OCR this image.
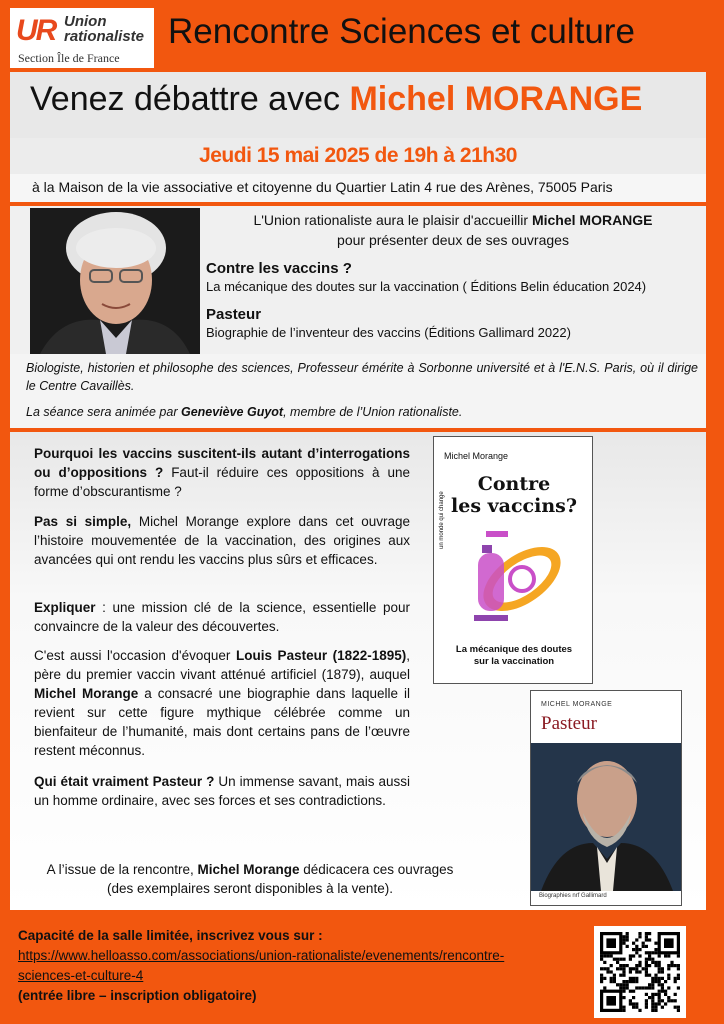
UR Union
rationaliste
Section Île de France
Rencontre Sciences et culture
Venez débattre avec Michel MORANGE
Jeudi 15 mai 2025 de 19h à 21h30
à la Maison de la vie associative et citoyenne du Quartier Latin 4 rue des Arènes, 75005 Paris
L'Union rationaliste aura le plaisir d'accueillir Michel MORANGE
pour présenter deux de ses ouvrages
Contre les vaccins ?
La mécanique des doutes sur la vaccination ( Éditions Belin éducation 2024)
Pasteur
Biographie de l’inventeur des vaccins (Éditions Gallimard 2022)
Biologiste, historien et philosophe des sciences, Professeur émérite à Sorbonne université et à l'E.N.S. Paris, où il dirige le Centre Cavaillès.
La séance sera animée par Geneviève Guyot, membre de l’Union rationaliste.

Pourquoi les vaccins suscitent-ils autant d’interrogations ou d’oppositions ? Faut-il réduire ces oppositions à une forme d’obscurantisme ?

Pas si simple, Michel Morange explore dans cet ouvrage l’histoire mouvementée de la vaccination, des origines aux avancées qui ont rendu les vaccins plus sûrs et efficaces.

Expliquer : une mission clé de la science, essentielle pour convaincre de la valeur des découvertes.

C'est aussi l'occasion d'évoquer Louis Pasteur (1822-1895), père du premier vaccin vivant atténué artificiel (1879), auquel Michel Morange a consacré une biographie dans laquelle il revient sur cette figure mythique célébrée comme un bienfaiteur de l’humanité, mais dont certains pans de l’œuvre restent méconnus.

Qui était vraiment Pasteur ? Un immense savant, mais aussi un homme ordinaire, avec ses forces et ses contradictions.

A l’issue de la rencontre, Michel Morange dédicacera ces ouvrages
(des exemplaires seront disponibles à la vente).
Michel Morange
Contre
les vaccins?
un monde qui change
La mécanique des doutes
sur la vaccination
MICHEL MORANGE
Pasteur
Biographies nrf Gallimard
Capacité de la salle limitée, inscrivez vous sur :
https://www.helloasso.com/associations/union-rationaliste/evenements/rencontre-
sciences-et-culture-4
(entrée libre – inscription obligatoire)
